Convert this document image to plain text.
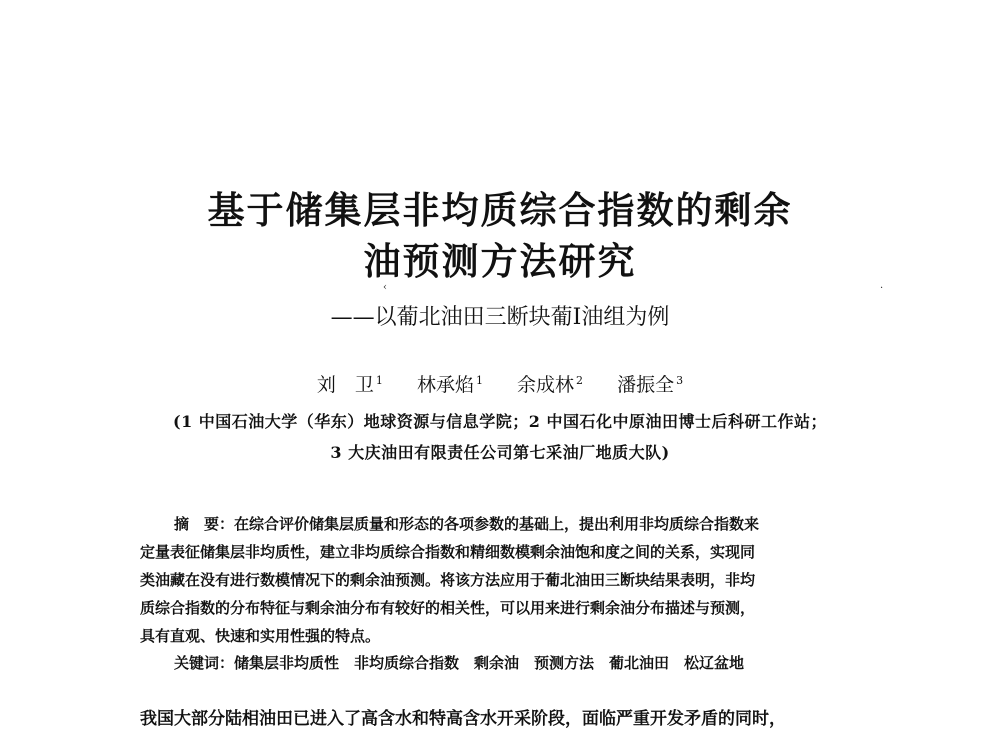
基于储集层非均质综合指数的剩余
油预测方法研究
‹	·
——以葡北油田三断块葡Ⅰ油组为例
刘　卫 $^1$ 林承焰 $^1$ 余成林 $^2$ 潘振全 $^3$
(1 中国石油大学（华东）地球资源与信息学院；2 中国石化中原油田博士后科研工作站；
3 大庆油田有限责任公司第七采油厂地质大队)
摘　要：在综合评价储集层质量和形态的各项参数的基础上，提出利用非均质综合指数来
定量表征储集层非均质性，建立非均质综合指数和精细数模剩余油饱和度之间的关系，实现同
类油藏在没有进行数模情况下的剩余油预测。将该方法应用于葡北油田三断块结果表明，非均
质综合指数的分布特征与剩余油分布有较好的相关性，可以用来进行剩余油分布描述与预测，
具有直观、快速和实用性强的特点。
关键词：储集层非均质性　非均质综合指数　剩余油　预测方法　葡北油田　松辽盆地
我国大部分陆相油田已进入了高含水和特高含水开采阶段，面临严重开发矛盾的同时，
